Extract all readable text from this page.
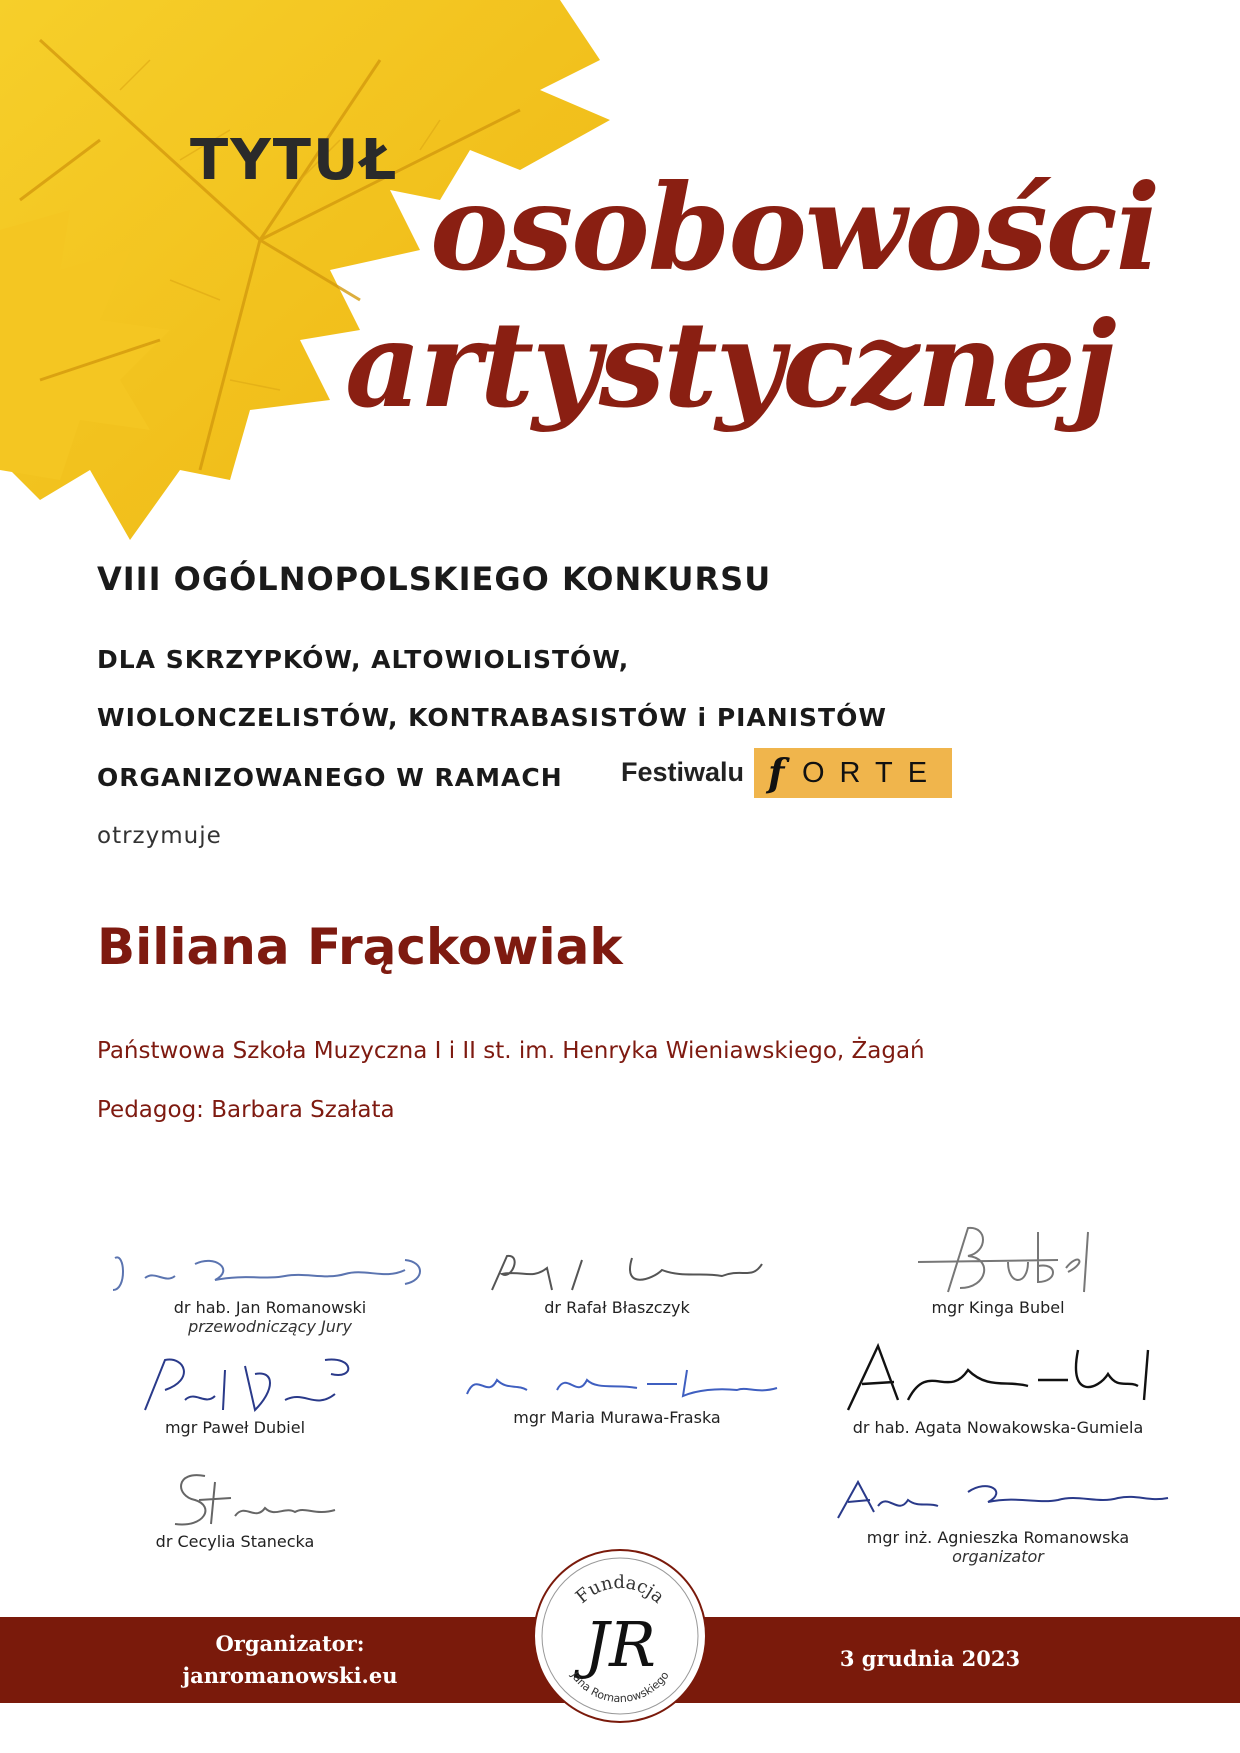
TYTUŁ osobowości
artystycznej
VIII OGÓLNOPOLSKIEGO KONKURSU
DLA SKRZYPKÓW, ALTOWIOLISTÓW,
WIOLONCZELISTÓW, KONTRABASISTÓW i PIANISTÓW
ORGANIZOWANEGO W RAMACH Festiwalu f ORTE
otrzymuje
Biliana Frąckowiak
Państwowa Szkoła Muzyczna I i II st. im. Henryka Wieniawskiego, Żagań
Pedagog: Barbara Szałata
dr hab. Jan Romanowski
przewodniczący Jury
dr Rafał Błaszczyk	mgr Kinga Bubel
mgr Paweł Dubiel
mgr Maria Murawa-Fraska
dr hab. Agata Nowakowska-Gumiela
dr Cecylia Stanecka	mgr inż. Agnieszka Romanowska
organizator
Organizator:
janromanowski.eu
3 grudnia 2023
Fundacja
JR
Jana Romanowskiego
